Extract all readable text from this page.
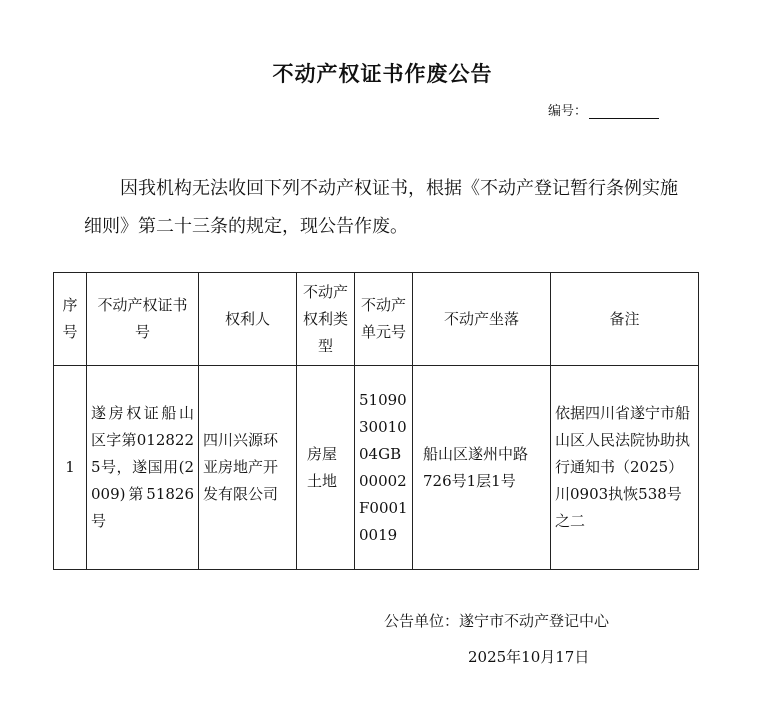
不动产权证书作废公告
编号：
因我机构无法收回下列不动产权证书，根据《不动产登记暂行条例实施细则》第二十三条的规定，现公告作废。
序号	不动产权证书号	权利人	不动产权利类型	不动产单元号	不动产坐落	备注
1	遂房权证船山区字第0128225号，遂国用(2009)第51826号	四川兴源环亚房地产开发有限公司	房屋土地	510903001004GB00002F00010019	船山区遂州中路726号1层1号	依据四川省遂宁市船山区人民法院协助执行通知书（2025）川0903执恢538号之二
公告单位：遂宁市不动产登记中心
2025年10月17日
